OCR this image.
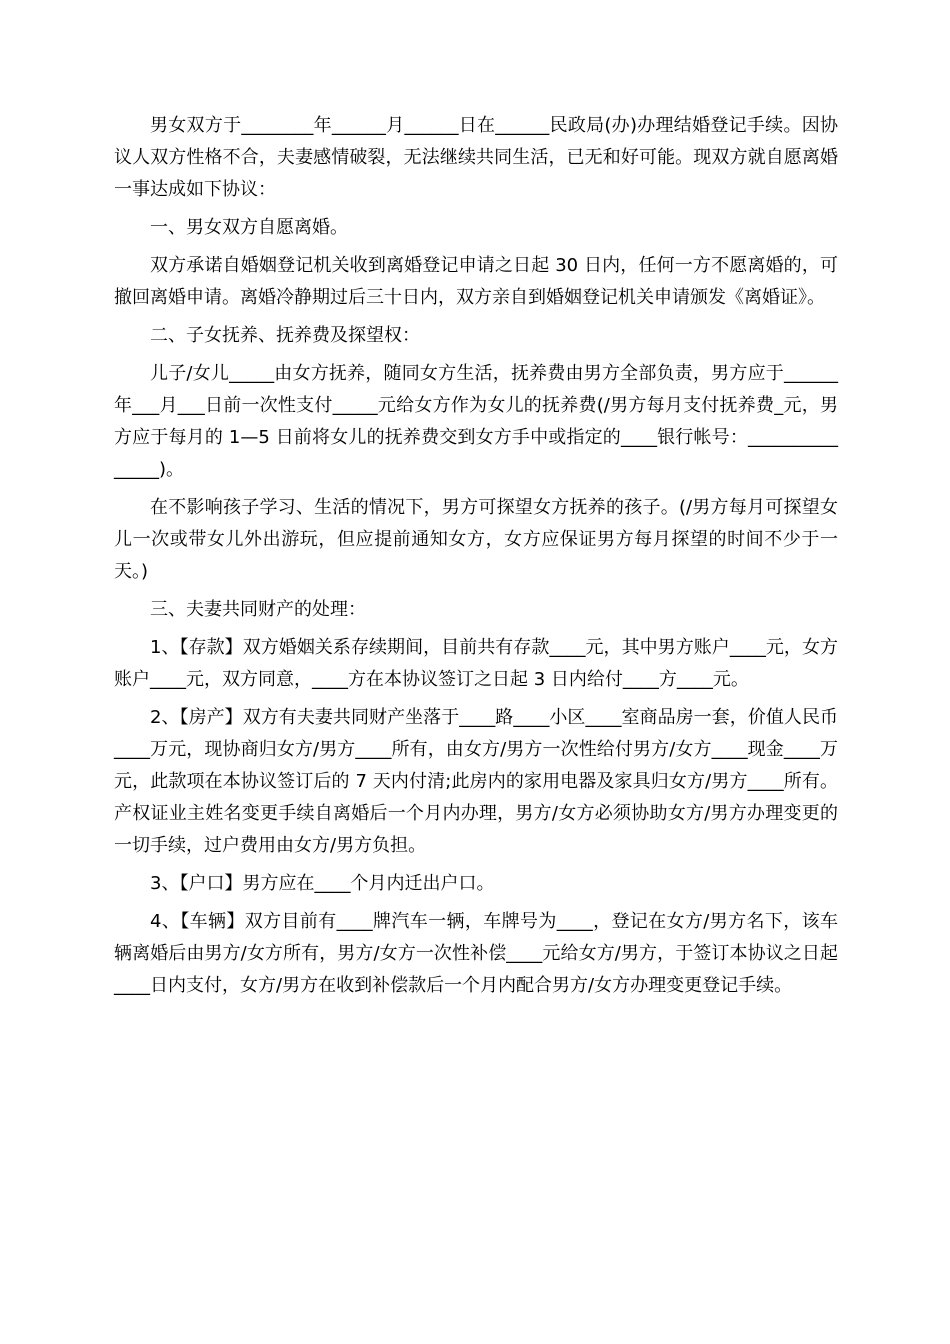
男女双方于________年______月______日在______民政局(办)办理结婚登记手续。因协议人双方性格不合，夫妻感情破裂，无法继续共同生活，已无和好可能。现双方就自愿离婚一事达成如下协议：

一、男女双方自愿离婚。

双方承诺自婚姻登记机关收到离婚登记申请之日起 30 日内，任何一方不愿离婚的，可撤回离婚申请。离婚冷静期过后三十日内，双方亲自到婚姻登记机关申请颁发《离婚证》。

二、子女抚养、抚养费及探望权：

儿子/女儿_____由女方抚养，随同女方生活，抚养费由男方全部负责，男方应于______年___月___日前一次性支付_____元给女方作为女儿的抚养费(/男方每月支付抚养费_元，男方应于每月的 1—5 日前将女儿的抚养费交到女方手中或指定的____银行帐号：_______________)。

在不影响孩子学习、生活的情况下，男方可探望女方抚养的孩子。(/男方每月可探望女儿一次或带女儿外出游玩，但应提前通知女方，女方应保证男方每月探望的时间不少于一天。)

三、夫妻共同财产的处理：

1、【存款】双方婚姻关系存续期间，目前共有存款____元，其中男方账户____元，女方账户____元，双方同意，____方在本协议签订之日起 3 日内给付____方____元。

2、【房产】双方有夫妻共同财产坐落于____路____小区____室商品房一套，价值人民币____万元，现协商归女方/男方____所有，由女方/男方一次性给付男方/女方____现金____万元，此款项在本协议签订后的 7 天内付清;此房内的家用电器及家具归女方/男方____所有。产权证业主姓名变更手续自离婚后一个月内办理，男方/女方必须协助女方/男方办理变更的一切手续，过户费用由女方/男方负担。

3、【户口】男方应在____个月内迁出户口。

4、【车辆】双方目前有____牌汽车一辆，车牌号为____，登记在女方/男方名下，该车辆离婚后由男方/女方所有，男方/女方一次性补偿____元给女方/男方，于签订本协议之日起____日内支付，女方/男方在收到补偿款后一个月内配合男方/女方办理变更登记手续。
